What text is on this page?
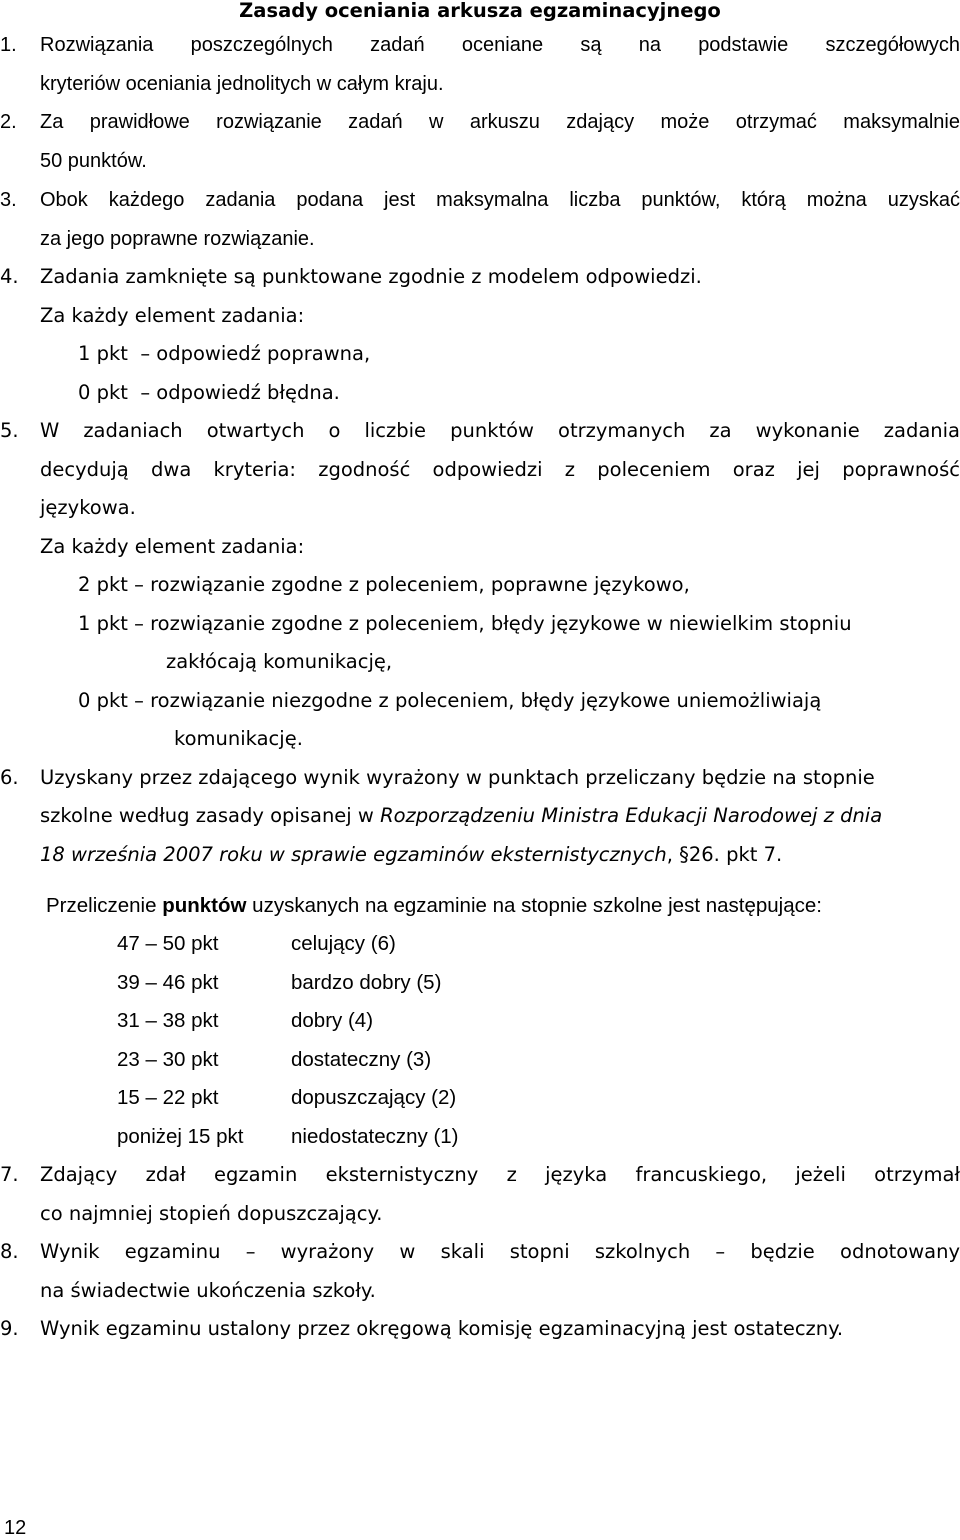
Zasady oceniania arkusza egzaminacyjnego
1.	Rozwiązania poszczególnych zadań oceniane są na podstawie szczegółowych
kryteriów oceniania jednolitych w całym kraju.
2.	Za prawidłowe rozwiązanie zadań w arkuszu zdający może otrzymać maksymalnie
50 punktów.
3.	Obok każdego zadania podana jest maksymalna liczba punktów, którą można uzyskać
za jego poprawne rozwiązanie.
4.	Zadania zamknięte są punktowane zgodnie z modelem odpowiedzi.
Za każdy element zadania:
1 pkt  – odpowiedź poprawna,
0 pkt  – odpowiedź błędna.
5.	W zadaniach otwartych o liczbie punktów otrzymanych za wykonanie zadania
decydują dwa kryteria: zgodność odpowiedzi z poleceniem oraz jej poprawność
językowa.
Za każdy element zadania:
2 pkt – rozwiązanie zgodne z poleceniem, poprawne językowo,
1 pkt – rozwiązanie zgodne z poleceniem, błędy językowe w niewielkim stopniu
zakłócają komunikację,
0 pkt – rozwiązanie niezgodne z poleceniem, błędy językowe uniemożliwiają
komunikację.
6.	Uzyskany przez zdającego wynik wyrażony w punktach przeliczany będzie na stopnie
szkolne według zasady opisanej w Rozporządzeniu Ministra Edukacji Narodowej z dnia
18 września 2007 roku w sprawie egzaminów eksternistycznych, §26. pkt 7.
Przeliczenie punktów uzyskanych na egzaminie na stopnie szkolne jest następujące:
47 – 50 pkt	celujący (6)
39 – 46 pkt	bardzo dobry (5)
31 – 38 pkt	dobry (4)
23 – 30 pkt	dostateczny (3)
15 – 22 pkt	dopuszczający (2)
poniżej 15 pkt niedostateczny (1)
7.	Zdający zdał egzamin eksternistyczny z języka francuskiego, jeżeli otrzymał
co najmniej stopień dopuszczający.
8.	Wynik egzaminu – wyrażony w skali stopni szkolnych – będzie odnotowany
na świadectwie ukończenia szkoły.
9.	Wynik egzaminu ustalony przez okręgową komisję egzaminacyjną jest ostateczny.
12
